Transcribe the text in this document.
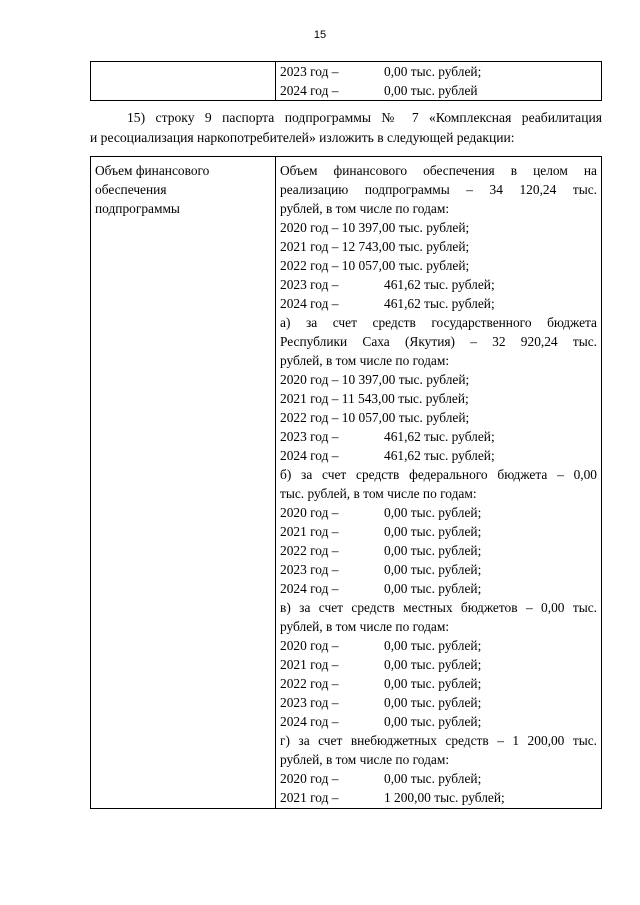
15

2023 год –	0,00 тыс. рублей;
2024 год –	0,00 тыс. рублей
15) строку 9 паспорта подпрограммы № 7 «Комплексная реабилитация
и ресоциализация наркопотребителей» изложить в следующей редакции:
Объем финансового
обеспечения
подпрограммы

Объем финансового обеспечения в целом на
реализацию подпрограммы – 34 120,24 тыс.
рублей, в том числе по годам:
2020 год – 10 397,00 тыс. рублей;
2021 год – 12 743,00 тыс. рублей;
2022 год – 10 057,00 тыс. рублей;
2023 год –	461,62 тыс. рублей;
2024 год –	461,62 тыс. рублей;
а) за счет средств государственного бюджета
Республики Саха (Якутия) – 32 920,24 тыс.
рублей, в том числе по годам:
2020 год – 10 397,00 тыс. рублей;
2021 год – 11 543,00 тыс. рублей;
2022 год – 10 057,00 тыс. рублей;
2023 год –	461,62 тыс. рублей;
2024 год –	461,62 тыс. рублей;
б) за счет средств федерального бюджета – 0,00
тыс. рублей, в том числе по годам:
2020 год –	0,00 тыс. рублей;
2021 год –	0,00 тыс. рублей;
2022 год –	0,00 тыс. рублей;
2023 год –	0,00 тыс. рублей;
2024 год –	0,00 тыс. рублей;
в) за счет средств местных бюджетов – 0,00 тыс.
рублей, в том числе по годам:
2020 год –	0,00 тыс. рублей;
2021 год –	0,00 тыс. рублей;
2022 год –	0,00 тыс. рублей;
2023 год –	0,00 тыс. рублей;
2024 год –	0,00 тыс. рублей;
г) за счет внебюджетных средств – 1 200,00 тыс.
рублей, в том числе по годам:
2020 год –	0,00 тыс. рублей;
2021 год –	1 200,00 тыс. рублей;
